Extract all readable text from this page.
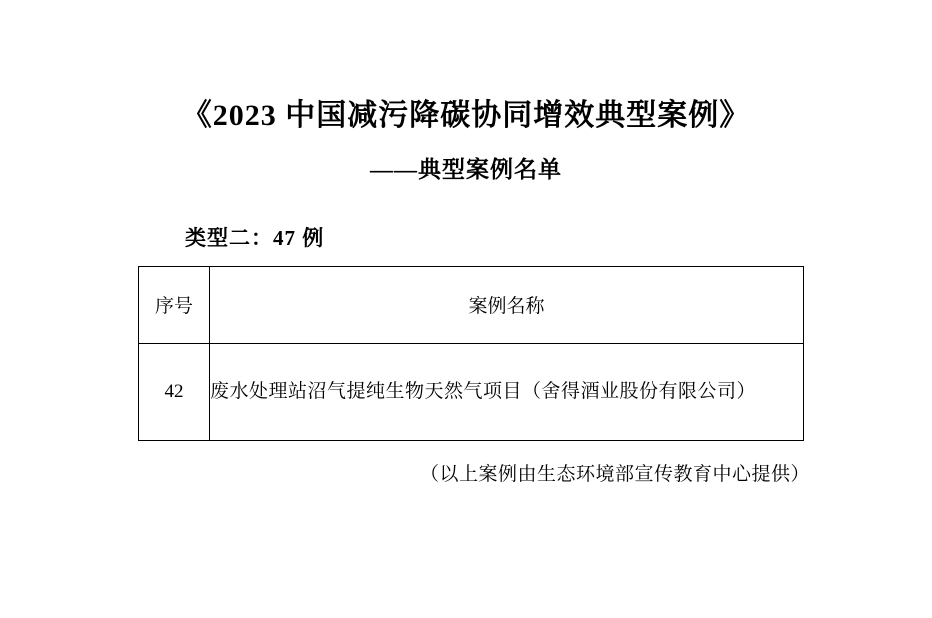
《2023 中国减污降碳协同增效典型案例》
——典型案例名单
类型二：47 例
序号	案例名称
42	废水处理站沼气提纯生物天然气项目（舍得酒业股份有限公司）
（以上案例由生态环境部宣传教育中心提供）
